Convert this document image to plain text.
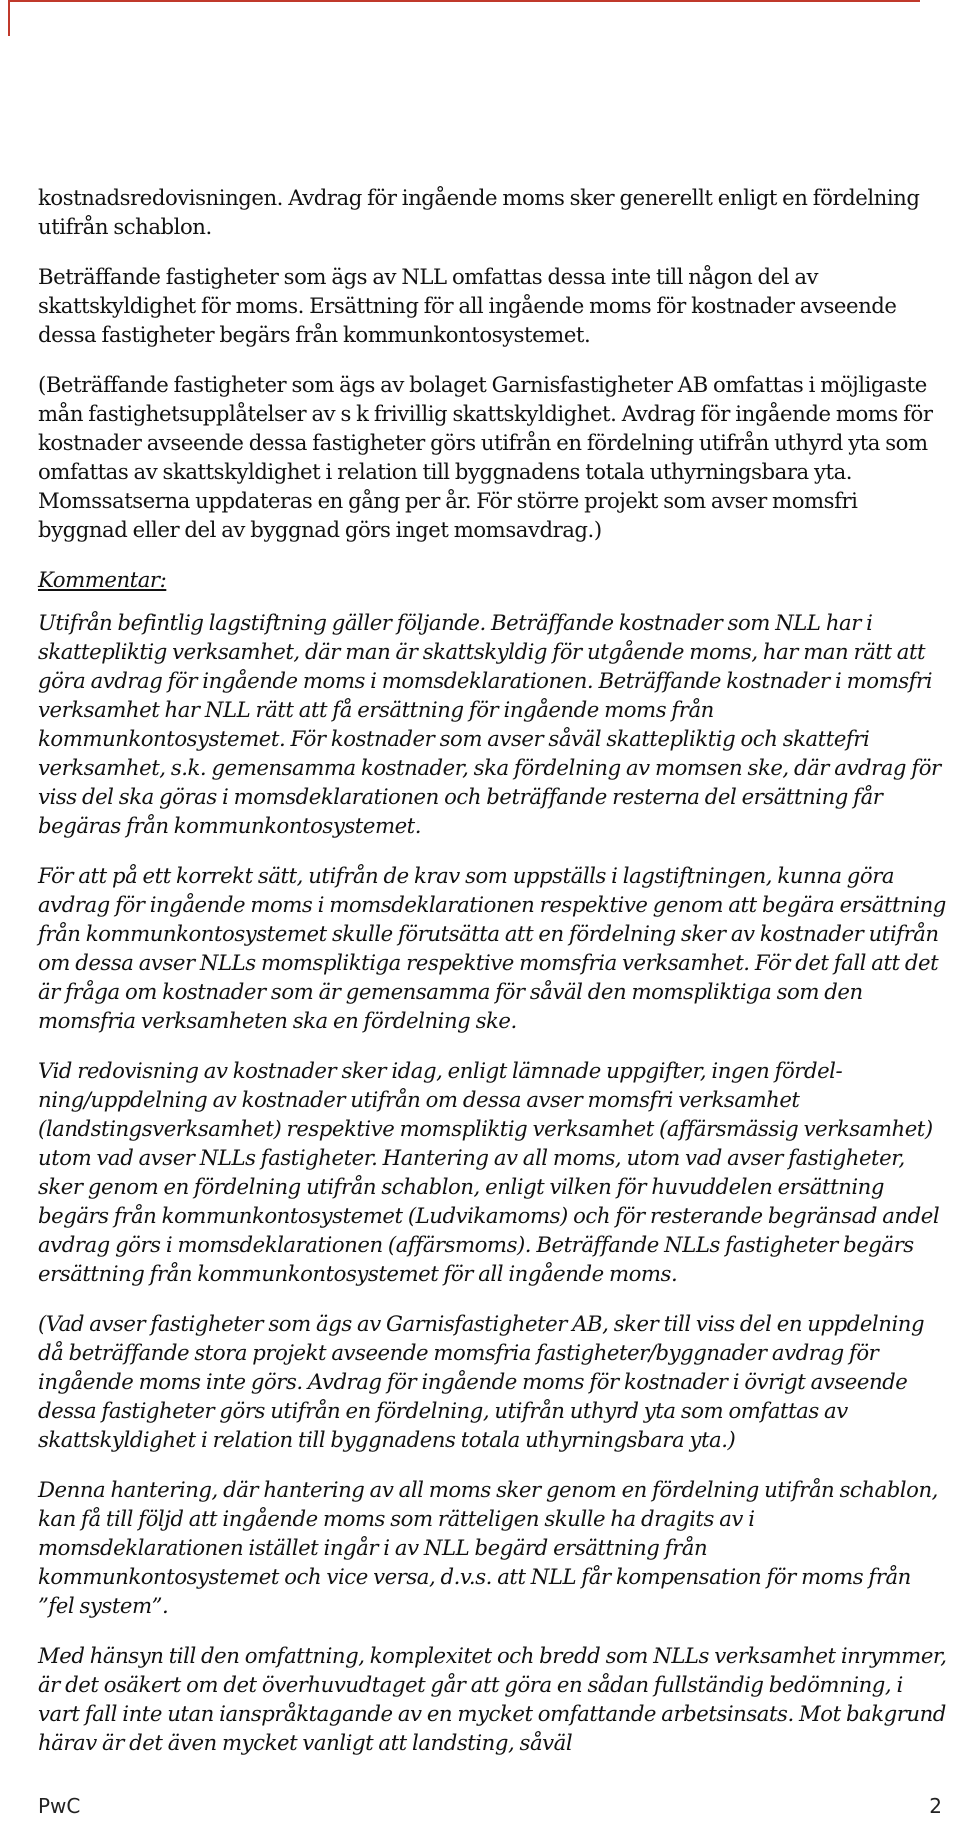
kostnadsredovisningen. Avdrag för ingående moms sker generellt enligt en fördelning utifrån schablon.

Beträffande fastigheter som ägs av NLL omfattas dessa inte till någon del av skattskyldighet för moms. Ersättning för all ingående moms för kostnader avseende dessa fastigheter begärs från kommunkontosystemet.

(Beträffande fastigheter som ägs av bolaget Garnisfastigheter AB omfattas i möjligaste mån fastighetsupplåtelser av s k frivillig skattskyldighet. Avdrag för ingående moms för kostnader avseende dessa fastigheter görs utifrån en fördelning utifrån uthyrd yta som omfattas av skattskyldighet i relation till byggnadens totala uthyrningsbara yta. Momssatserna uppdateras en gång per år. För större projekt som avser momsfri byggnad eller del av byggnad görs inget momsavdrag.)

Kommentar:

Utifrån befintlig lagstiftning gäller följande. Beträffande kostnader som NLL har i skattepliktig verksamhet, där man är skattskyldig för utgående moms, har man rätt att göra avdrag för ingående moms i momsdeklarationen. Beträffande kostnader i momsfri verksamhet har NLL rätt att få ersättning för ingående moms från kommunkontosystemet. För kostnader som avser såväl skattepliktig och skattefri verksamhet, s.k. gemensamma kostnader, ska fördelning av momsen ske, där avdrag för viss del ska göras i momsdeklarationen och beträffande resterna del ersättning får begäras från kommunkontosystemet.

För att på ett korrekt sätt, utifrån de krav som uppställs i lagstiftningen, kunna göra avdrag för ingående moms i momsdeklarationen respektive genom att begära ersättning från kommunkontosystemet skulle förutsätta att en fördelning sker av kostnader utifrån om dessa avser NLLs momspliktiga respektive momsfria verksamhet. För det fall att det är fråga om kostnader som är gemensamma för såväl den momspliktiga som den momsfria verksamheten ska en fördelning ske.

Vid redovisning av kostnader sker idag, enligt lämnade uppgifter, ingen fördel-ning/uppdelning av kostnader utifrån om dessa avser momsfri verksamhet (landstingsverksamhet) respektive momspliktig verksamhet (affärsmässig verksamhet) utom vad avser NLLs fastigheter. Hantering av all moms, utom vad avser fastigheter, sker genom en fördelning utifrån schablon, enligt vilken för huvuddelen ersättning begärs från kommunkontosystemet (Ludvikamoms) och för resterande begränsad andel avdrag görs i momsdeklarationen (affärsmoms). Beträffande NLLs fastigheter begärs ersättning från kommunkontosystemet för all ingående moms.

(Vad avser fastigheter som ägs av Garnisfastigheter AB, sker till viss del en uppdelning då beträffande stora projekt avseende momsfria fastigheter/byggnader avdrag för ingående moms inte görs. Avdrag för ingående moms för kostnader i övrigt avseende dessa fastigheter görs utifrån en fördelning, utifrån uthyrd yta som omfattas av skattskyldighet i relation till byggnadens totala uthyrningsbara yta.)

Denna hantering, där hantering av all moms sker genom en fördelning utifrån schablon, kan få till följd att ingående moms som rätteligen skulle ha dragits av i momsdeklarationen istället ingår i av NLL begärd ersättning från kommunkontosystemet och vice versa, d.v.s. att NLL får kompensation för moms från ”fel system”.

Med hänsyn till den omfattning, komplexitet och bredd som NLLs verksamhet inrymmer, är det osäkert om det överhuvudtaget går att göra en sådan fullständig bedömning, i vart fall inte utan ianspråktagande av en mycket omfattande arbetsinsats. Mot bakgrund härav är det även mycket vanligt att landsting, såväl

PwC	2
